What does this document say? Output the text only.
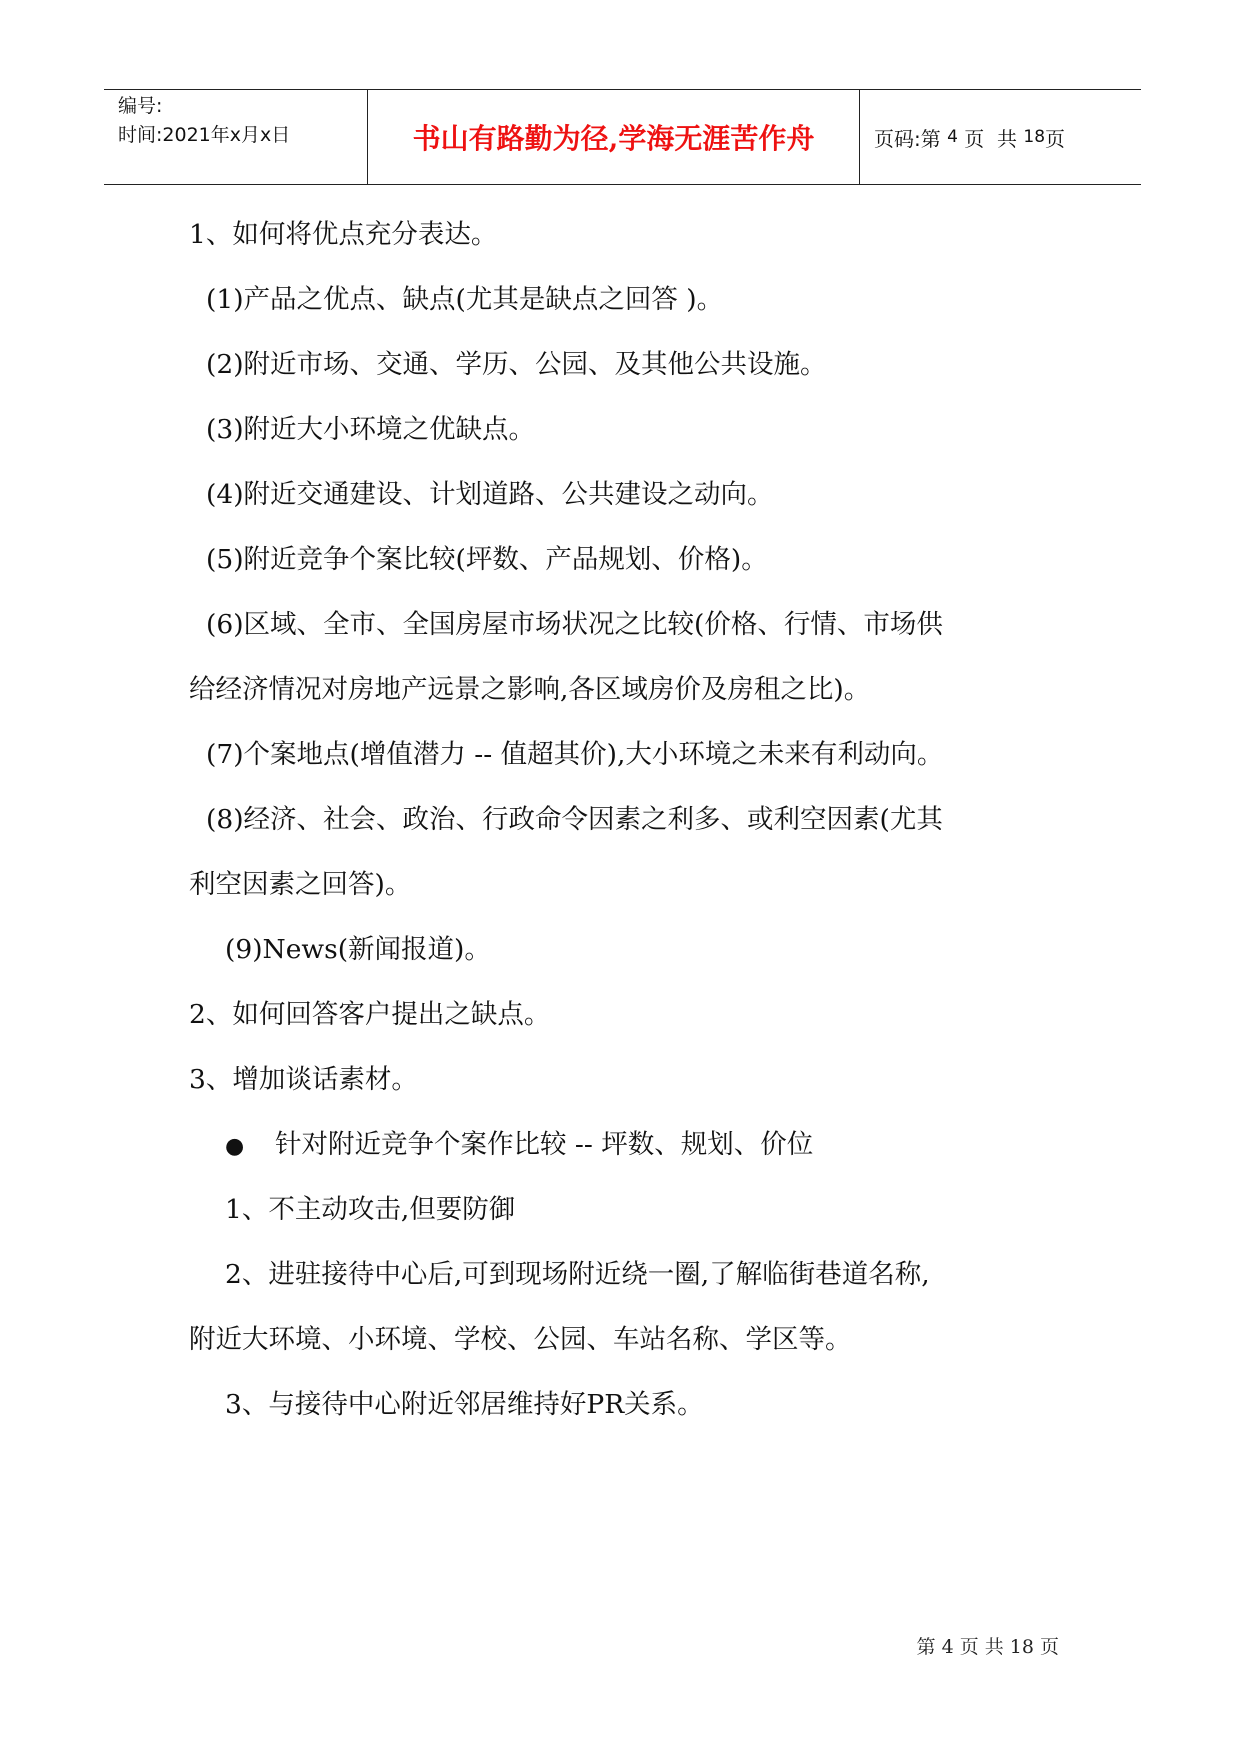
编号:
时间:2021年x月x日	书山有路勤为径,学海无涯苦作舟	页码:第
4
页  共
18 页
1、如何将优点充分表达。
(1)产品之优点、缺点(尤其是缺点之回答 )。
(2)附近市场、交通、学历、公园、及其他公共设施。
(3)附近大小环境之优缺点。
(4)附近交通建设、计划道路、公共建设之动向。
(5)附近竞争个案比较(坪数、产品规划、价格)。
(6)区域、全市、全国房屋市场状况之比较(价格、行情、市场供
给经济情况对房地产远景之影响,各区域房价及房租之比)。
(7)个案地点(增值潜力 -- 值超其价),大小环境之未来有利动向。
(8)经济、社会、政治、行政命令因素之利多、或利空因素(尤其
利空因素之回答)。
(9)News(新闻报道)。
2、如何回答客户提出之缺点。
3、增加谈话素材。
● 针对附近竞争个案作比较 -- 坪数、规划、价位
1、不主动攻击,但要防御
2、进驻接待中心后,可到现场附近绕一圈,了解临街巷道名称,
附近大环境、小环境、学校、公园、车站名称、学区等。
3、与接待中心附近邻居维持好PR关系。
第 4 页 共 18 页
